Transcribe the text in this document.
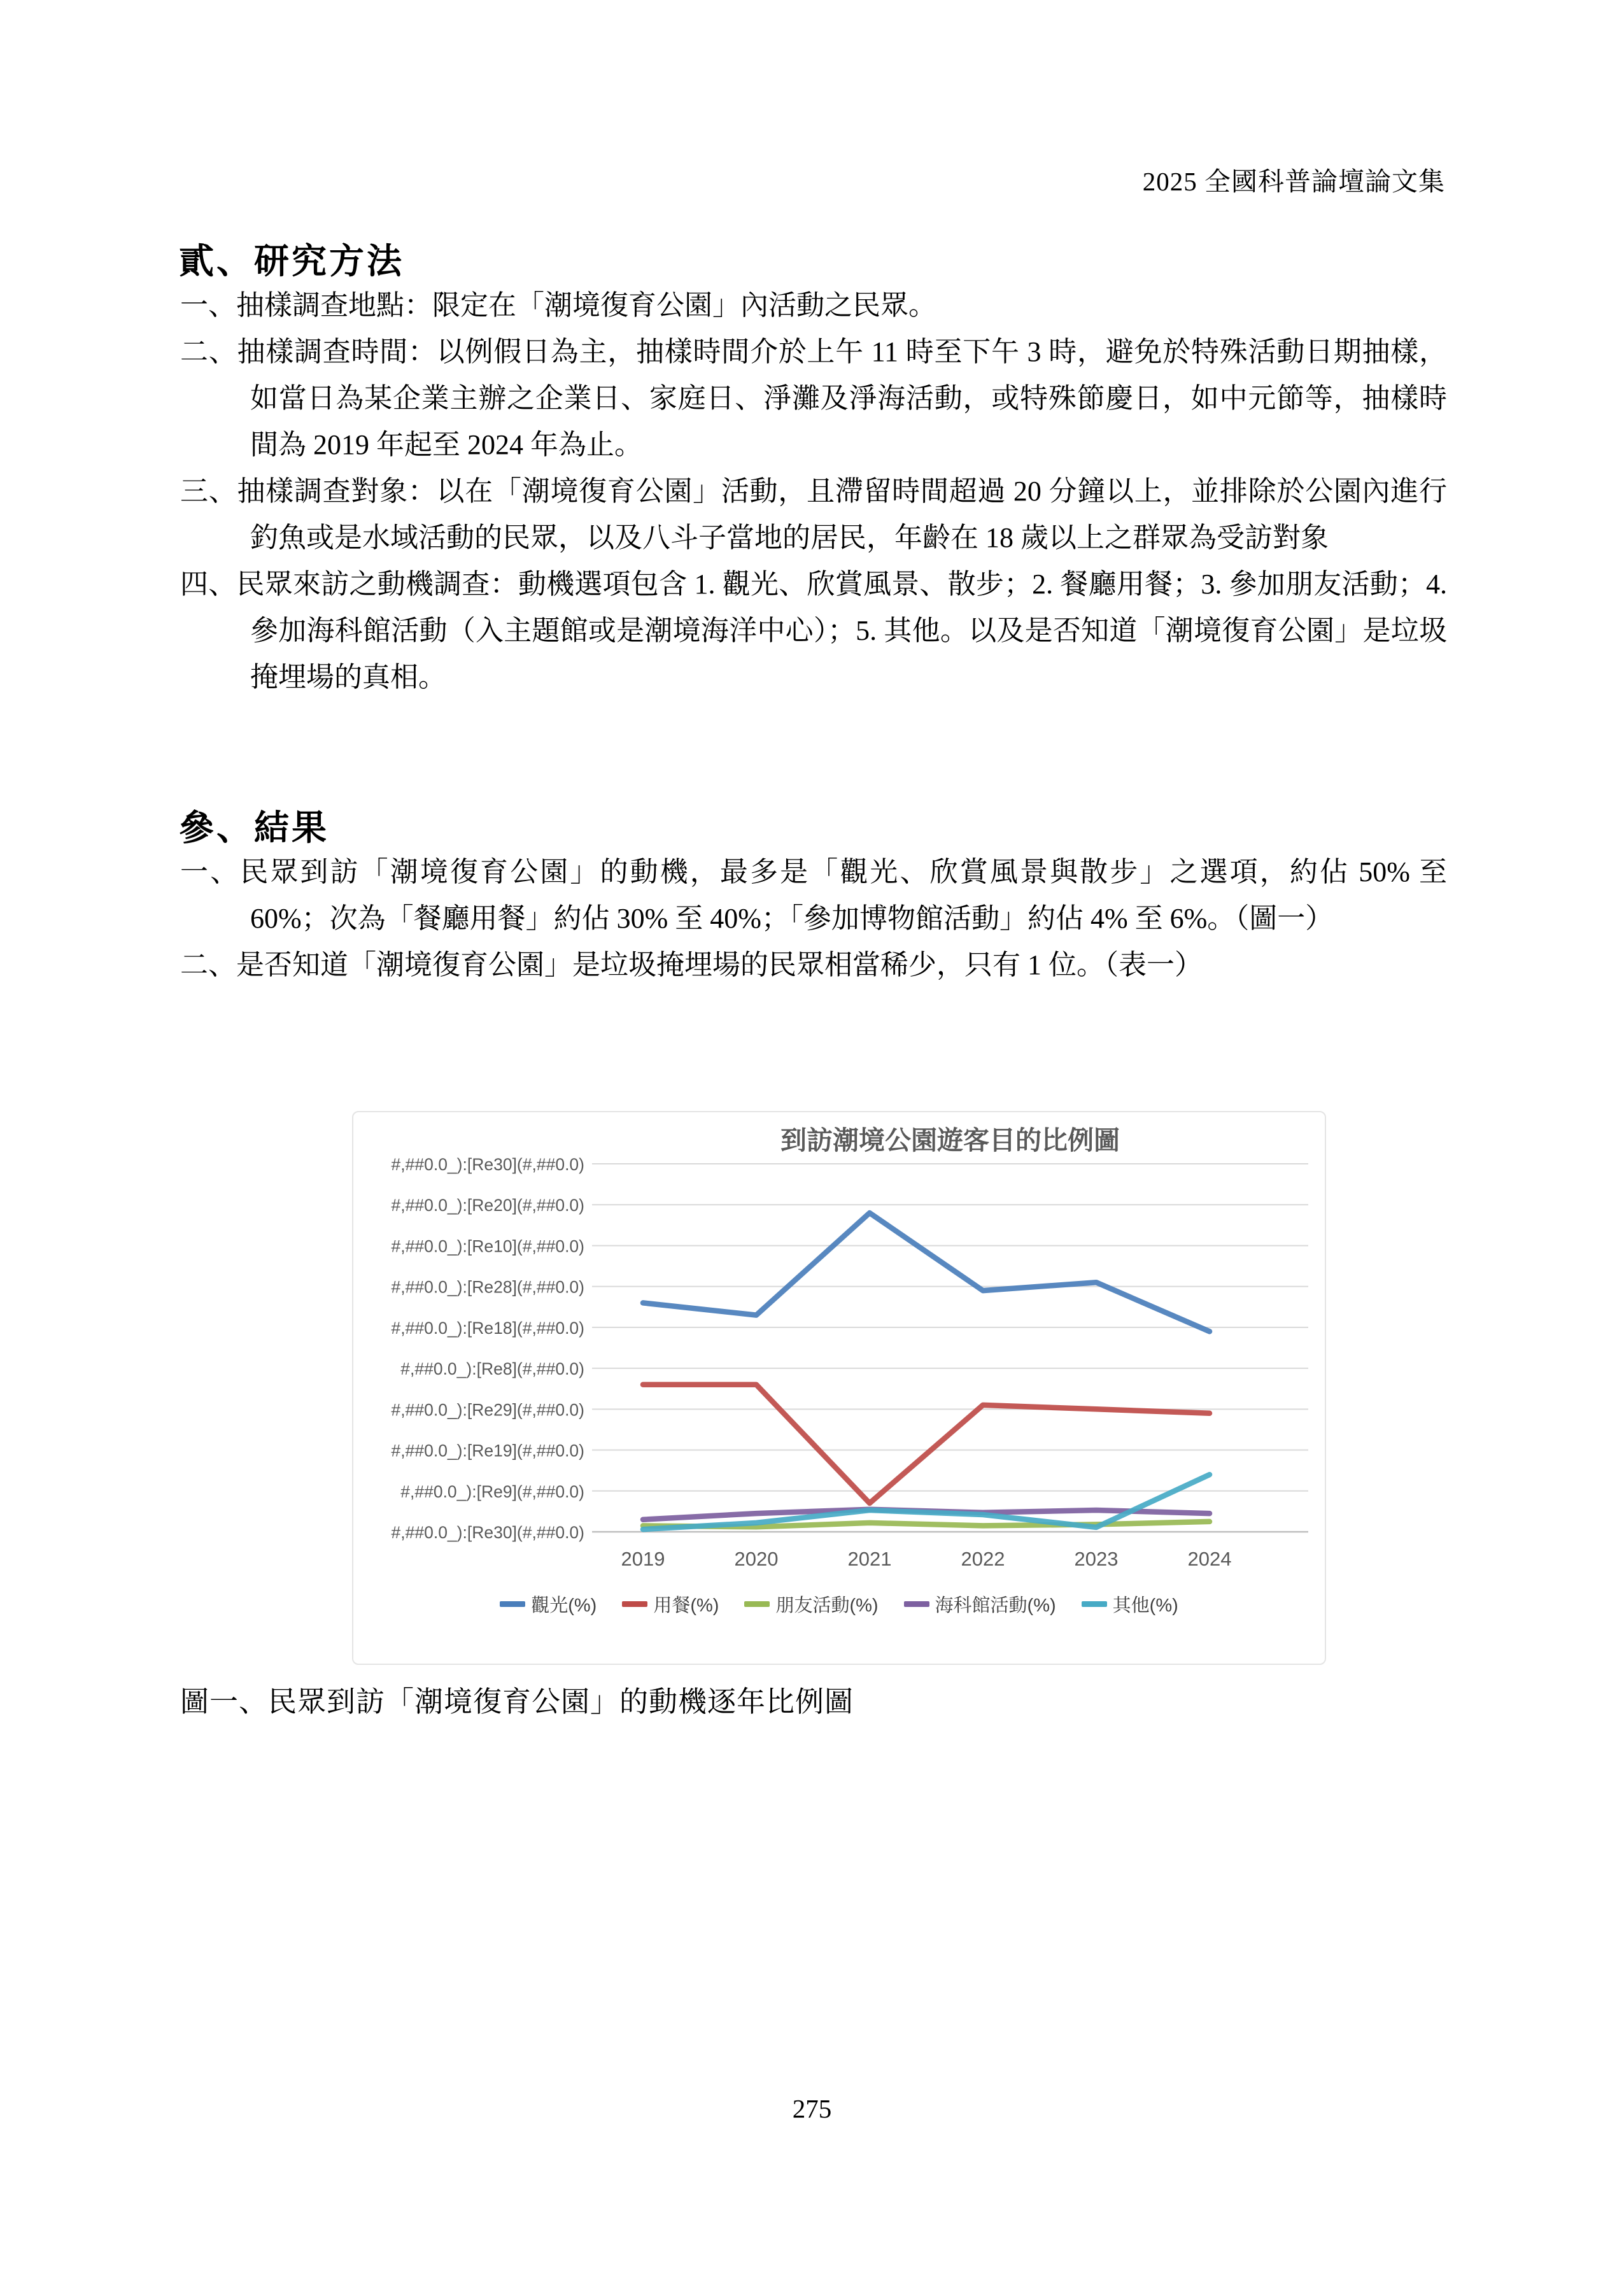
2025 全國科普論壇論文集
貳、研究方法
一、抽樣調查地點：限定在「潮境復育公園」內活動之民眾。
二、抽樣調查時間：以例假日為主，抽樣時間介於上午 11 時至下午 3 時，避免於特殊活動日期抽樣，如當日為某企業主辦之企業日、家庭日、淨灘及淨海活動，或特殊節慶日，如中元節等，抽樣時間為 2019 年起至 2024 年為止。
三、抽樣調查對象：以在「潮境復育公園」活動，且滯留時間超過 20 分鐘以上，並排除於公園內進行釣魚或是水域活動的民眾，以及八斗子當地的居民，年齡在 18 歲以上之群眾為受訪對象
四、民眾來訪之動機調查：動機選項包含 1. 觀光、欣賞風景、散步；2. 餐廳用餐；3. 參加朋友活動；4. 參加海科館活動（入主題館或是潮境海洋中心）；5. 其他。以及是否知道「潮境復育公園」是垃圾掩埋場的真相。
參、結果
一、民眾到訪「潮境復育公園」的動機，最多是「觀光、欣賞風景與散步」之選項，約佔 50% 至 60%；次為「餐廳用餐」約佔 30% 至 40%；「參加博物館活動」約佔 4% 至 6%。（圖一）
二、是否知道「潮境復育公園」是垃圾掩埋場的民眾相當稀少，只有 1 位。（表一）
到訪潮境公園遊客目的比例圖
#,##0.0_):[Re30](#,##0.0)
#,##0.0_):[Re20](#,##0.0)
#,##0.0_):[Re10](#,##0.0)
#,##0.0_):[Re28](#,##0.0)
#,##0.0_):[Re18](#,##0.0)
#,##0.0_):[Re8](#,##0.0)
#,##0.0_):[Re29](#,##0.0)
#,##0.0_):[Re19](#,##0.0)
#,##0.0_):[Re9](#,##0.0)
#,##0.0_):[Re30](#,##0.0)
2019	2020	2021	2022	2023	2024
觀光(%)	用餐(%)	朋友活動(%)	海科館活動(%)	其他(%)
圖一、民眾到訪「潮境復育公園」的動機逐年比例圖
275
